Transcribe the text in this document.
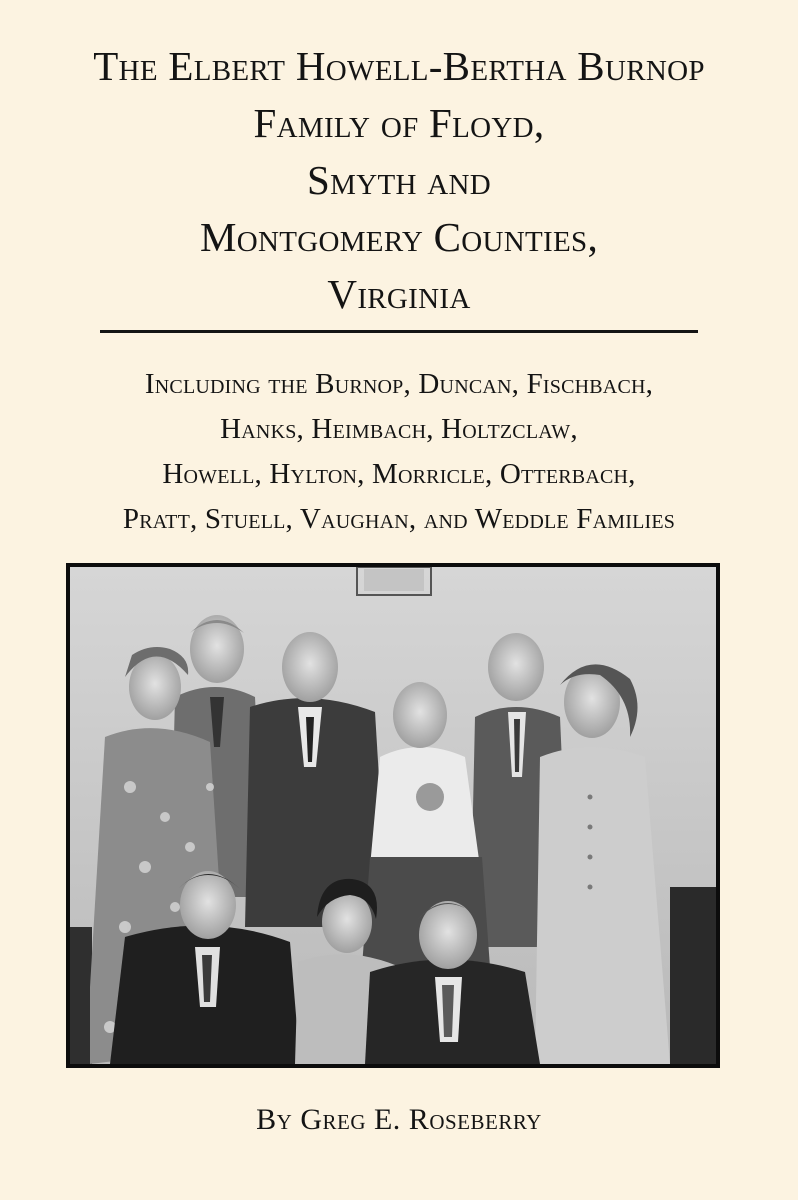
The Elbert Howell-Bertha Burnop
Family of Floyd,
Smyth and
Montgomery Counties,
Virginia
Including the Burnop, Duncan, Fischbach,
Hanks, Heimbach, Holtzclaw,
Howell, Hylton, Morricle, Otterbach,
Pratt, Stuell, Vaughan, and Weddle Families
By Greg E. Roseberry
